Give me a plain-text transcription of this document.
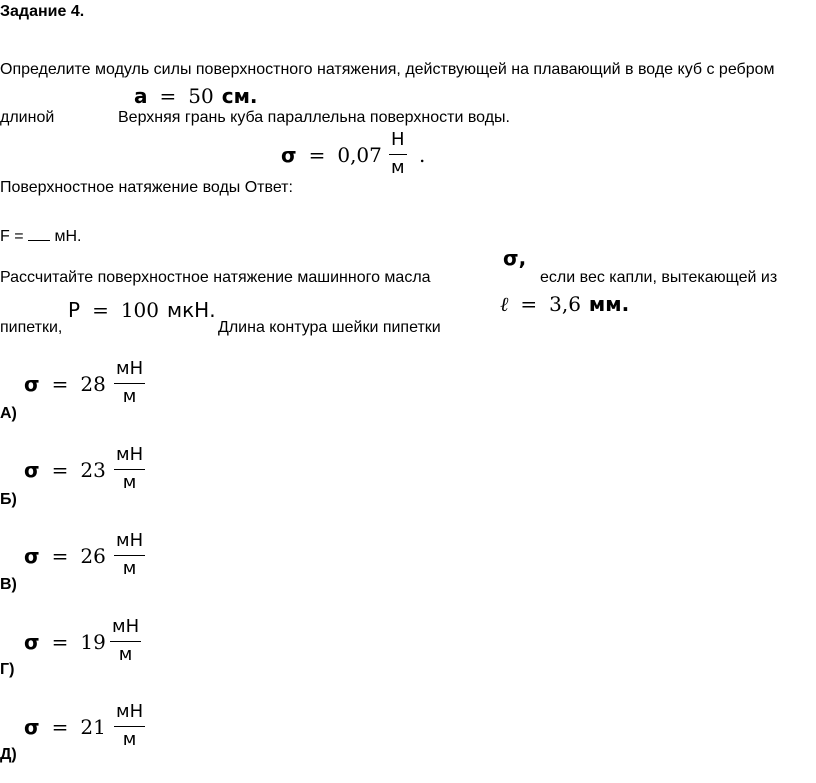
Задание 4.
Определите модуль силы поверхностного натяжения, действующей на плавающий в воде куб с ребром
a = 50 см.
длиной	Верхняя грань куба параллельна поверхности воды.
σ = 0,07
Н
м
.
Поверхностное натяжение воды Ответ:
F = мН.
σ,
Рассчитайте поверхностное натяжение машинного масла	если вес капли, вытекающей из
P = 100 мкН.	ℓ = 3,6 мм.
пипетки,	Длина контура шейки пипетки
σ = 28
мН
м
А)
σ = 23
мН
м
Б)
σ = 26
мН
м
В)
σ = 19
мН
м
Г)
σ = 21
мН
м
Д)
